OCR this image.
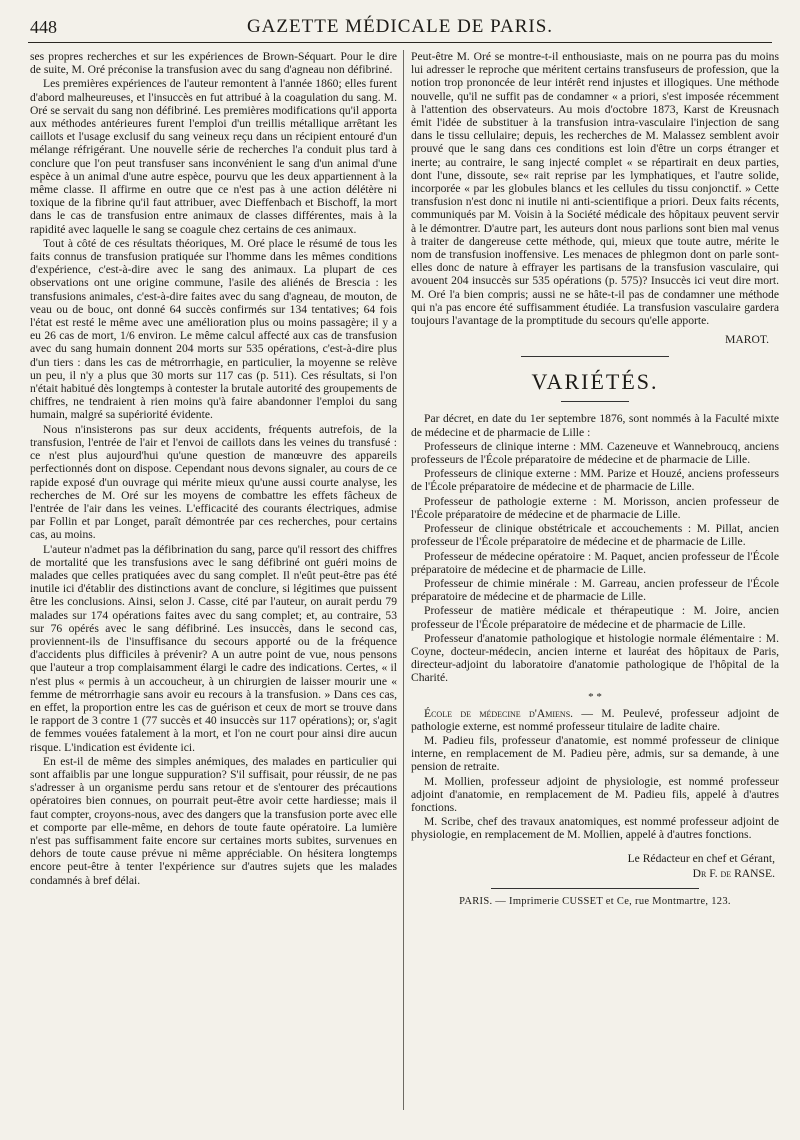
448	GAZETTE MÉDICALE DE PARIS.

ses propres recherches et sur les expériences de Brown-Séquart. Pour le dire de suite, M. Oré préconise la transfusion avec du sang d'agneau non défibriné.

Les premières expériences de l'auteur remontent à l'année 1860; elles furent d'abord malheureuses, et l'insuccès en fut attribué à la coagulation du sang. M. Oré se servait du sang non défibriné. Les premières modifications qu'il apporta aux méthodes antérieures furent l'emploi d'un treillis métallique arrêtant les caillots et l'usage exclusif du sang veineux reçu dans un récipient entouré d'un mélange réfrigérant. Une nouvelle série de recherches l'a conduit plus tard à conclure que l'on peut transfuser sans inconvénient le sang d'un animal d'une espèce à un animal d'une autre espèce, pourvu que les deux appartiennent à la même classe. Il affirme en outre que ce n'est pas à une action délétère ni toxique de la fibrine qu'il faut attribuer, avec Dieffenbach et Bischoff, la mort dans le cas de transfusion entre animaux de classes différentes, mais à la rapidité avec laquelle le sang se coagule chez certains de ces animaux.

Tout à côté de ces résultats théoriques, M. Oré place le résumé de tous les faits connus de transfusion pratiquée sur l'homme dans les mêmes conditions d'expérience, c'est-à-dire avec le sang des animaux. La plupart de ces observations ont une origine commune, l'asile des aliénés de Brescia : les transfusions animales, c'est-à-dire faites avec du sang d'agneau, de mouton, de veau ou de bouc, ont donné 64 succès confirmés sur 134 tentatives; 64 fois l'état est resté le même avec une amélioration plus ou moins passagère; il y a eu 26 cas de mort, 1/6 environ. Le même calcul affecté aux cas de transfusion avec du sang humain donnent 204 morts sur 535 opérations, c'est-à-dire plus d'un tiers : dans les cas de métrorrhagie, en particulier, la moyenne se relève un peu, il n'y a plus que 30 morts sur 117 cas (p. 511). Ces résultats, si l'on n'était habitué dès longtemps à contester la brutale autorité des groupements de chiffres, ne tendraient à rien moins qu'à faire abandonner l'emploi du sang humain, malgré sa supériorité évidente.

Nous n'insisterons pas sur deux accidents, fréquents autrefois, de la transfusion, l'entrée de l'air et l'envoi de caillots dans les veines du transfusé : ce n'est plus aujourd'hui qu'une question de manœuvre des appareils perfectionnés dont on dispose. Cependant nous devons signaler, au cours de ce rapide exposé d'un ouvrage qui mérite mieux qu'une aussi courte analyse, les recherches de M. Oré sur les moyens de combattre les effets fâcheux de l'entrée de l'air dans les veines. L'efficacité des courants électriques, admise par Follin et par Longet, paraît démontrée par ces recherches, pour certains cas, au moins.

L'auteur n'admet pas la défibrination du sang, parce qu'il ressort des chiffres de mortalité que les transfusions avec le sang défibriné ont guéri moins de malades que celles pratiquées avec du sang complet. Il n'eût peut-être pas été inutile ici d'établir des distinctions avant de conclure, si légitimes que puissent être les conclusions. Ainsi, selon J. Casse, cité par l'auteur, on aurait perdu 79 malades sur 174 opérations faites avec du sang complet; et, au contraire, 53 sur 76 opérés avec le sang défibriné. Les insuccès, dans le second cas, proviennent-ils de l'insuffisance du secours apporté ou de la fréquence d'accidents plus difficiles à prévenir? A un autre point de vue, nous pensons que l'auteur a trop complaisamment élargi le cadre des indications. Certes, « il n'est plus « permis à un accoucheur, à un chirurgien de laisser mourir une « femme de métrorrhagie sans avoir eu recours à la transfusion. » Dans ces cas, en effet, la proportion entre les cas de guérison et ceux de mort se trouve dans le rapport de 3 contre 1 (77 succès et 40 insuccès sur 117 opérations); or, s'agit de femmes vouées fatalement à la mort, et l'on ne court pour ainsi dire aucun risque. L'indication est évidente ici.

En est-il de même des simples anémiques, des malades en particulier qui sont affaiblis par une longue suppuration? S'il suffisait, pour réussir, de ne pas s'adresser à un organisme perdu sans retour et de s'entourer des précautions opératoires bien connues, on pourrait peut-être avoir cette hardiesse; mais il faut compter, croyons-nous, avec des dangers que la transfusion porte avec elle et comporte par elle-même, en dehors de toute faute opératoire. La lumière n'est pas suffisamment faite encore sur certaines morts subites, survenues en dehors de toute cause prévue ni même appréciable. On hésitera longtemps encore peut-être à tenter l'expérience sur d'autres sujets que les malades condamnés à bref délai.

Peut-être M. Oré se montre-t-il enthousiaste, mais on ne pourra pas du moins lui adresser le reproche que méritent certains transfuseurs de profession, que la notion trop prononcée de leur intérêt rend injustes et illogiques. Une méthode nouvelle, qu'il ne suffit pas de condamner « a priori, s'est imposée récemment à l'attention des observateurs. Au mois d'octobre 1873, Karst de Kreusnach émit l'idée de substituer à la transfusion intra-vasculaire l'injection de sang dans le tissu cellulaire; depuis, les recherches de M. Malassez semblent avoir prouvé que le sang dans ces conditions est loin d'être un corps étranger et inerte; au contraire, le sang injecté complet « se répartirait en deux parties, dont l'une, dissoute, se« rait reprise par les lymphatiques, et l'autre solide, incorporée « par les globules blancs et les cellules du tissu conjonctif. » Cette transfusion n'est donc ni inutile ni anti-scientifique a priori. Deux faits récents, communiqués par M. Voisin à la Société médicale des hôpitaux peuvent servir à le démontrer. D'autre part, les auteurs dont nous parlions sont bien mal venus à traiter de dangereuse cette méthode, qui, mieux que toute autre, mérite le nom de transfusion inoffensive. Les menaces de phlegmon dont on parle sont-elles donc de nature à effrayer les partisans de la transfusion vasculaire, qui avouent 204 insuccès sur 535 opérations (p. 575)? Insuccès ici veut dire mort. M. Oré l'a bien compris; aussi ne se hâte-t-il pas de condamner une méthode qui n'a pas encore été suffisamment étudiée. La transfusion vasculaire gardera toujours l'avantage de la promptitude du secours qu'elle apporte.

MAROT.
VARIÉTÉS.

Par décret, en date du 1er septembre 1876, sont nommés à la Faculté mixte de médecine et de pharmacie de Lille :

Professeurs de clinique interne : MM. Cazeneuve et Wannebroucq, anciens professeurs de l'École préparatoire de médecine et de pharmacie de Lille.

Professeurs de clinique externe : MM. Parize et Houzé, anciens professeurs de l'École préparatoire de médecine et de pharmacie de Lille.

Professeur de pathologie externe : M. Morisson, ancien professeur de l'École préparatoire de médecine et de pharmacie de Lille.

Professeur de clinique obstétricale et accouchements : M. Pillat, ancien professeur de l'École préparatoire de médecine et de pharmacie de Lille.

Professeur de médecine opératoire : M. Paquet, ancien professeur de l'École préparatoire de médecine et de pharmacie de Lille.

Professeur de chimie minérale : M. Garreau, ancien professeur de l'École préparatoire de médecine et de pharmacie de Lille.

Professeur de matière médicale et thérapeutique : M. Joire, ancien professeur de l'École préparatoire de médecine et de pharmacie de Lille.

Professeur d'anatomie pathologique et histologie normale élémentaire : M. Coyne, docteur-médecin, ancien interne et lauréat des hôpitaux de Paris, directeur-adjoint du laboratoire d'anatomie pathologique de l'hôpital de la Charité.

* *

École de médecine d'Amiens. — M. Peulevé, professeur adjoint de pathologie externe, est nommé professeur titulaire de ladite chaire.

M. Padieu fils, professeur d'anatomie, est nommé professeur de clinique interne, en remplacement de M. Padieu père, admis, sur sa demande, à une pension de retraite.

M. Mollien, professeur adjoint de physiologie, est nommé professeur adjoint d'anatomie, en remplacement de M. Padieu fils, appelé à d'autres fonctions.

M. Scribe, chef des travaux anatomiques, est nommé professeur adjoint de physiologie, en remplacement de M. Mollien, appelé à d'autres fonctions.

Le Rédacteur en chef et Gérant,
Dr F. de RANSE.
PARIS. — Imprimerie CUSSET et Ce, rue Montmartre, 123.
